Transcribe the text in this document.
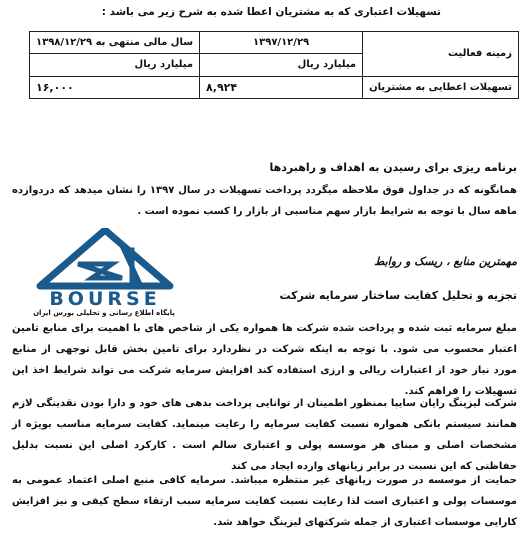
تسهیلات اعتباری که به مشتریان اعطا شده به شرح زیر می باشد :
زمینه فعالیت	۱۳۹۷/۱۲/۲۹	سال مالی منتهی به ۱۳۹۸/۱۲/۲۹
	میلیارد ریال	میلیارد ریال
تسهیلات اعطایی به مشتریان	۸,۹۲۴	۱۶,۰۰۰
برنامه ریزی برای رسیدن به اهداف و راهبردها
همانگونه که در جداول فوق ملاحظه میگردد پرداخت تسهیلات در سال ۱۳۹۷ را نشان میدهد که دردوازده ماهه سال با توجه به شرایط بازار سهم مناسبی از بازار را کسب نموده است .
BOURSE
پایگاه اطلاع رسانی و تحلیلی بورس ایران
مهمترین منابع ، ریسک و روابط
تجزیه و تحلیل کفایت ساختار سرمایه شرکت
مبلغ سرمایه ثبت شده و پرداخت شده شرکت ها همواره یکی از شاخص های با اهمیت برای منابع تامین اعتبار محسوب می شود. با توجه به اینکه شرکت در نظردارد برای تامین بخش قابل توجهی از منابع مورد نیاز خود از اعتبارات ریالی و ارزی استفاده کند افزایش سرمایه شرکت می تواند شرایط اخذ این تسهیلات را فراهم کند.
شرکت لیزینگ رایان سایپا بمنظور اطمینان از توانایی پرداخت بدهی های خود و دارا بودن نقدینگی لازم همانند سیستم بانکی همواره نسبت کفایت سرمایه را رعایت مینماید. کفایت سرمایه مناسب بویژه از مشخصات اصلی و مبنای هر موسسه پولی و اعتباری سالم است . کارکرد اصلی این نسبت بدلیل حفاظتی که این نسبت در برابر زیانهای وارده ایجاد می کند
حمایت از موسسه در صورت زیانهای غیر منتظره میباشد. سرمایه کافی منبع اصلی اعتماد عمومی به موسسات پولی و اعتباری است لذا رعایت نسبت کفایت سرمایه سبب ارتقاء سطح کیفی و نیز افزایش کارایی موسسات اعتباری از جمله شرکتهای لیزینگ خواهد شد.
